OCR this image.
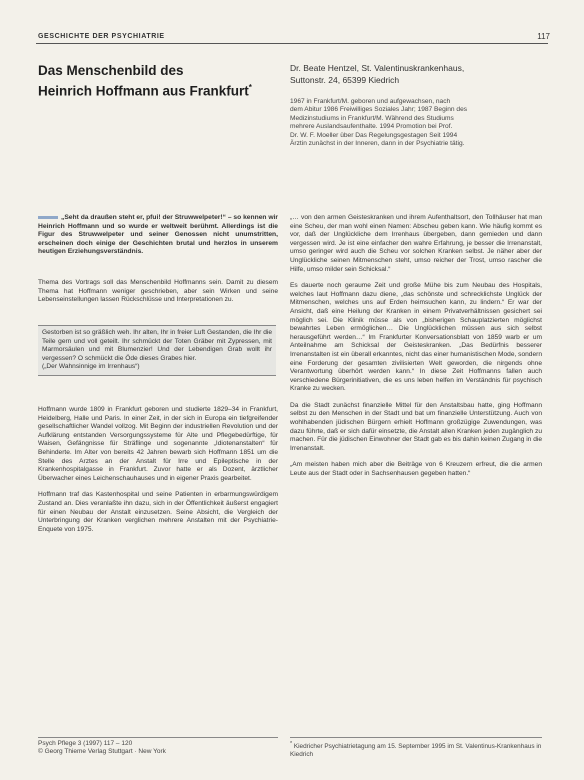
GESCHICHTE DER PSYCHIATRIE	117
Das Menschenbild des
Heinrich Hoffmann aus Frankfurt*
Dr. Beate Hentzel, St. Valentinuskrankenhaus,
Suttonstr. 24, 65399 Kiedrich
1967 in Frankfurt/M. geboren und aufgewachsen, nach
dem Abitur 1986 Freiwilliges Soziales Jahr; 1987 Beginn des
Medizinstudiums in Frankfurt/M. Während des Studiums
mehrere Auslandsaufenthalte. 1994 Promotion bei Prof.
Dr. W. F. Moeller über Das Regelungsgestagen Seit 1994
Ärztin zunächst in der Inneren, dann in der Psychiatrie tätig.
„Seht da draußen steht er, pfui! der Struwwelpeter!“ – so kennen wir Heinrich Hoffmann und so wurde er weltweit berühmt. Allerdings ist die Figur des Struwwelpeter und seiner Genossen nicht unumstritten, erscheinen doch einige der Geschichten brutal und herzlos in unserem heutigen Erziehungsverständnis.

Thema des Vortrags soll das Menschenbild Hoffmanns sein. Damit zu diesem Thema hat Hoffmann weniger geschrieben, aber sein Wirken und seine Lebenseinstellungen lassen Rückschlüsse und Interpretationen zu.

Gestorben ist so gräßlich weh. Ihr alten, Ihr in freier Luft Gestanden, die Ihr die Teile gern und voll geteilt. Ihr schmückt der Toten Gräber mit Zypressen, mit Marmorsäulen und mit Blumenzier! Und der Lebendigen Grab wollt ihr vergessen? O schmückt die Öde dieses Grabes hier.

(„Der Wahnsinnige im Irrenhaus“)

Hoffmann wurde 1809 in Frankfurt geboren und studierte 1829–34 in Frankfurt, Heidelberg, Halle und Paris. In einer Zeit, in der sich in Europa ein tiefgreifender gesellschaftlicher Wandel vollzog. Mit Beginn der industriellen Revolution und der Aufklärung entstanden Versorgungssysteme für Alte und Pflegebedürftige, für Waisen, Gefängnisse für Sträflinge und sogenannte „Idiotenanstalten“ für Behinderte. Im Alter von bereits 42 Jahren bewarb sich Hoffmann 1851 um die Stelle des Arztes an der Anstalt für Irre und Epileptische in der Krankenhospitalgasse in Frankfurt. Zuvor hatte er als Dozent, ärztlicher Überwacher eines Leichenschauhauses und in eigener Praxis gearbeitet.

Hoffmann traf das Kastenhospital und seine Patienten in erbarmungswürdigem Zustand an. Dies veranlaßte ihn dazu, sich in der Öffentlichkeit äußerst engagiert für einen Neubau der Anstalt einzusetzen. Seine Absicht, die Vergleich der Unterbringung der Kranken verglichen mehrere Anstalten mit der Psychiatrie-Enquete von 1975.

„… von den armen Geisteskranken und ihrem Aufenthaltsort, den Tollhäuser hat man eine Scheu, der man wohl einen Namen: Abscheu geben kann. Wie häufig kommt es vor, daß der Unglückliche dem Irrenhaus übergeben, dann gemieden und dann vergessen wird. Je ist eine einfacher den wahre Erfahrung, je besser die Irrenanstalt, umso geringer wird auch die Scheu vor solchen Kranken selbst. Je näher aber der Unglückliche seinen Mitmenschen steht, umso reicher der Trost, umso rascher die Hilfe, umso milder sein Schicksal.“

Es dauerte noch geraume Zeit und große Mühe bis zum Neubau des Hospitals, welches laut Hoffmann dazu diene, „das schönste und schrecklichste Unglück der Mitmenschen, welches uns auf Erden heimsuchen kann, zu lindern.“ Er war der Ansicht, daß eine Heilung der Kranken in einem Privatverhältnissen gesichert sei möglich sei. Die Klinik müsse als von „bisherigen Schauplatzierten möglichst bewahrtes Leben ermöglichen… Die Unglücklichen müssen aus sich selbst herausgeführt werden…“ Im Frankfurter Konversationsblatt von 1859 warb er um Anteilnahme am Schicksal der Geisteskranken. „Das Bedürfnis besserer Irrenanstalten ist ein überall erkanntes, nicht das einer humanistischen Mode, sondern eine Forderung der gesamten zivilisierten Welt geworden, die nirgends ohne Verantwortung überhört werden kann.“ In diese Zeit Hoffmanns fallen auch verschiedene Bürgerinitiativen, die es uns leben helfen im Verständnis für psychisch Kranke zu wecken.

Da die Stadt zunächst finanzielle Mittel für den Anstaltsbau hatte, ging Hoffmann selbst zu den Menschen in der Stadt und bat um finanzielle Unterstützung. Auch von wohlhabenden jüdischen Bürgern erhielt Hoffmann großzügige Zuwendungen, was dazu führte, daß er sich dafür einsetzte, die Anstalt allen Kranken jeden zugänglich zu machen. Für die jüdischen Einwohner der Stadt gab es bis dahin keinen Zugang in die Irrenanstalt.

„Am meisten haben mich aber die Beiträge von 6 Kreuzern erfreut, die die armen Leute aus der Stadt oder in Sachsenhausen gegeben hatten.“

Psych Pflege 3 (1997) 117 – 120
© Georg Thieme Verlag Stuttgart · New York
* Kiedricher Psychiatrietagung am 15. September 1995 im St. Valentinus-Krankenhaus in Kiedrich
